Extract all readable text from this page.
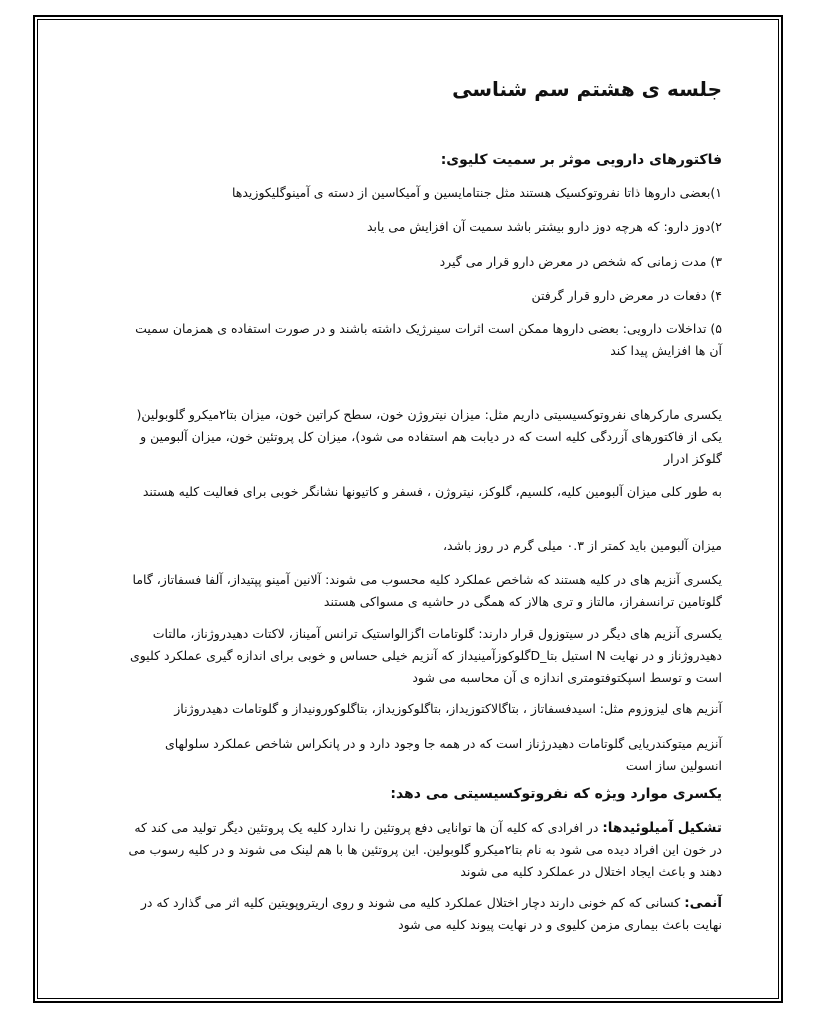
جلسه ی هشتم سم شناسی
فاکتورهای دارویی موثر بر سمیت کلیوی:

۱)بعضی داروها ذاتا نفروتوکسیک هستند مثل جنتامایسین و آمیکاسین از دسته ی آمینوگلیکوزیدها

۲)دوز دارو: که هرچه دوز دارو بیشتر باشد سمیت آن افزایش می یابد

۳) مدت زمانی که شخص در معرض دارو قرار می گیرد

۴) دفعات در معرض دارو قرار گرفتن

۵) تداخلات دارویی: بعضی داروها ممکن است اثرات سینرژیک داشته باشند و در صورت استفاده ی همزمان سمیت آن ها افزایش پیدا کند

یکسری مارکرهای نفروتوکسیسیتی داریم مثل: میزان نیتروژن خون، سطح کراتین خون، میزان بتا۲میکرو گلوبولین( یکی از فاکتورهای آزردگی کلیه است که در دیابت هم استفاده می شود)، میزان کل پروتئین خون، میزان آلبومین و گلوکز ادرار

به طور کلی میزان آلبومین کلیه، کلسیم، گلوکز، نیتروژن ، فسفر و کاتیونها نشانگر خوبی برای فعالیت کلیه هستند

میزان آلبومین باید کمتر از ۰.۳ میلی گرم در روز باشد،

یکسری آنزیم های در کلیه هستند که شاخص عملکرد کلیه محسوب می شوند: آلانین آمینو پپتیداز، آلفا فسفاتاز، گاما گلوتامین ترانسفراز، مالتاز و تری هالاز که همگی در حاشیه ی مسواکی هستند

یکسری آنزیم های دیگر در سیتوزول قرار دارند: گلوتامات اگزالواستیک ترانس آمیناز، لاکتات دهیدروژناز، مالتات دهیدروژناز و در نهایت N استیل بتا_Dگلوکوزآمینیداز که آنزیم خیلی حساس و خوبی برای اندازه گیری عملکرد کلیوی است و توسط اسپکتوفتومتری اندازه ی آن محاسبه می شود

آنزیم های لیزوزوم مثل: اسیدفسفاتاز ، بتاگالاکتوزیداز، بتاگلوکوزیداز، بتاگلوکورونیداز و گلوتامات دهیدروژناز

آنزیم میتوکندریایی گلوتامات دهیدرژناز است که در همه جا وجود دارد و در پانکراس شاخص عملکرد سلولهای انسولین ساز است

یکسری موارد ویژه که نفروتوکسیسیتی می دهد:

تشکیل آمیلوئیدها: در افرادی که کلیه آن ها توانایی دفع پروتئین را ندارد کلیه یک پروتئین دیگر تولید می کند که در خون این افراد دیده می شود به نام بتا۲میکرو گلوبولین. این پروتئین ها با هم لینک می شوند و در کلیه رسوب می دهند و باعث ایجاد اختلال در عملکرد کلیه می شوند

آنمی: کسانی که کم خونی دارند دچار اختلال عملکرد کلیه می شوند و روی اریتروپویتین کلیه اثر می گذارد که در نهایت باعث بیماری مزمن کلیوی و در نهایت پیوند کلیه می شود
